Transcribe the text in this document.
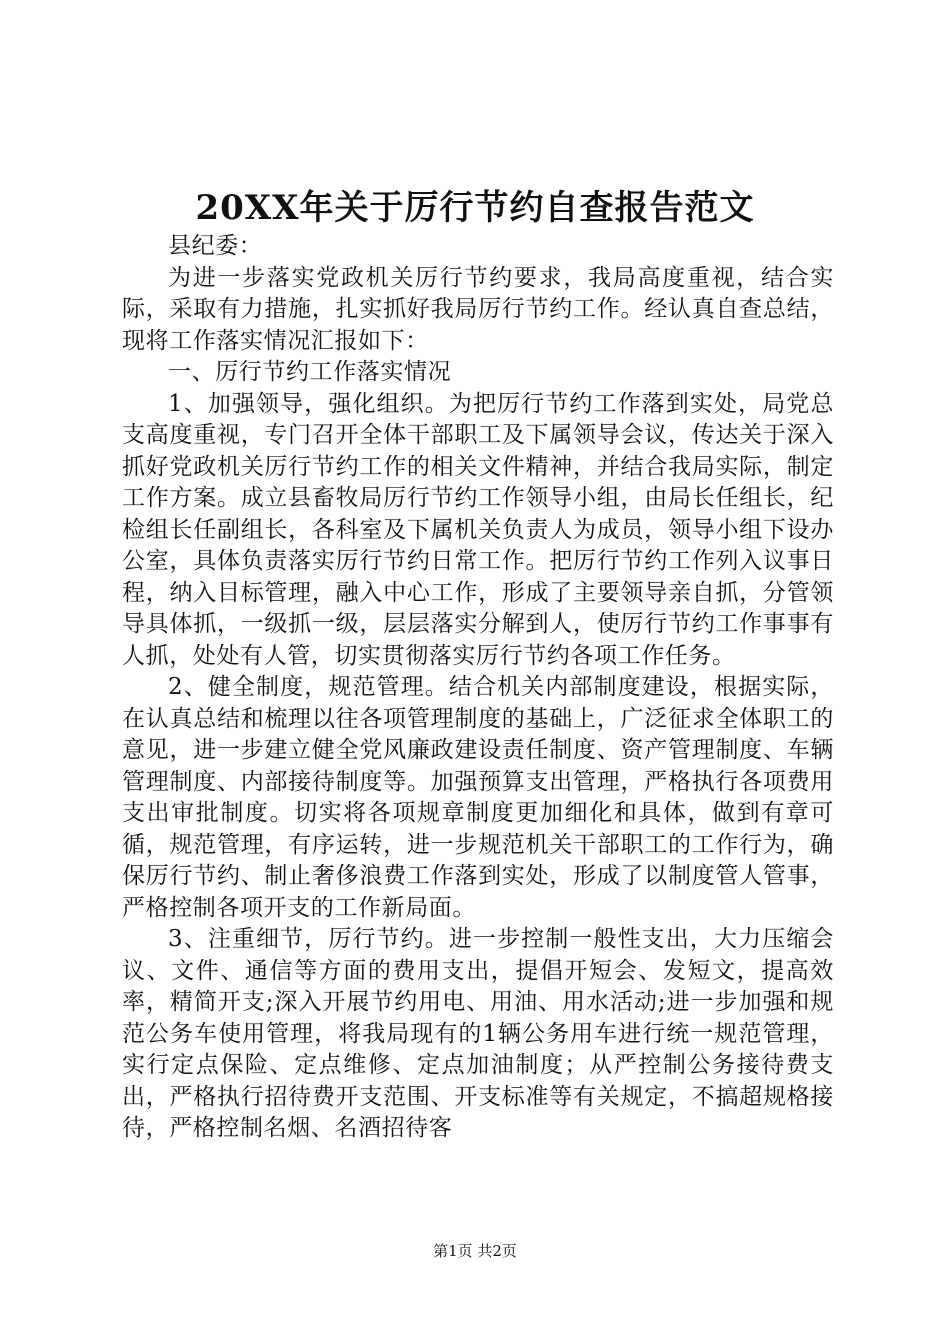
20XX年关于厉行节约自查报告范文

县纪委：

为进一步落实党政机关厉行节约要求，我局高度重视，结合实际，采取有力措施，扎实抓好我局厉行节约工作。经认真自查总结，现将工作落实情况汇报如下：

一、厉行节约工作落实情况

1、加强领导，强化组织。为把厉行节约工作落到实处，局党总支高度重视，专门召开全体干部职工及下属领导会议，传达关于深入抓好党政机关厉行节约工作的相关文件精神，并结合我局实际，制定工作方案。成立县畜牧局厉行节约工作领导小组，由局长任组长，纪检组长任副组长，各科室及下属机关负责人为成员，领导小组下设办公室，具体负责落实厉行节约日常工作。把厉行节约工作列入议事日程，纳入目标管理，融入中心工作，形成了主要领导亲自抓，分管领导具体抓，一级抓一级，层层落实分解到人，使厉行节约工作事事有人抓，处处有人管，切实贯彻落实厉行节约各项工作任务。

2、健全制度，规范管理。结合机关内部制度建设，根据实际，在认真总结和梳理以往各项管理制度的基础上，广泛征求全体职工的意见，进一步建立健全党风廉政建设责任制度、资产管理制度、车辆管理制度、内部接待制度等。加强预算支出管理，严格执行各项费用支出审批制度。切实将各项规章制度更加细化和具体，做到有章可循，规范管理，有序运转，进一步规范机关干部职工的工作行为，确保厉行节约、制止奢侈浪费工作落到实处，形成了以制度管人管事，严格控制各项开支的工作新局面。

3、注重细节，厉行节约。进一步控制一般性支出，大力压缩会议、文件、通信等方面的费用支出，提倡开短会、发短文，提高效率，精简开支;深入开展节约用电、用油、用水活动;进一步加强和规范公务车使用管理，将我局现有的1辆公务用车进行统一规范管理，实行定点保险、定点维修、定点加油制度；从严控制公务接待费支出，严格执行招待费开支范围、开支标准等有关规定，不搞超规格接待，严格控制名烟、名酒招待客

第1页 共2页
